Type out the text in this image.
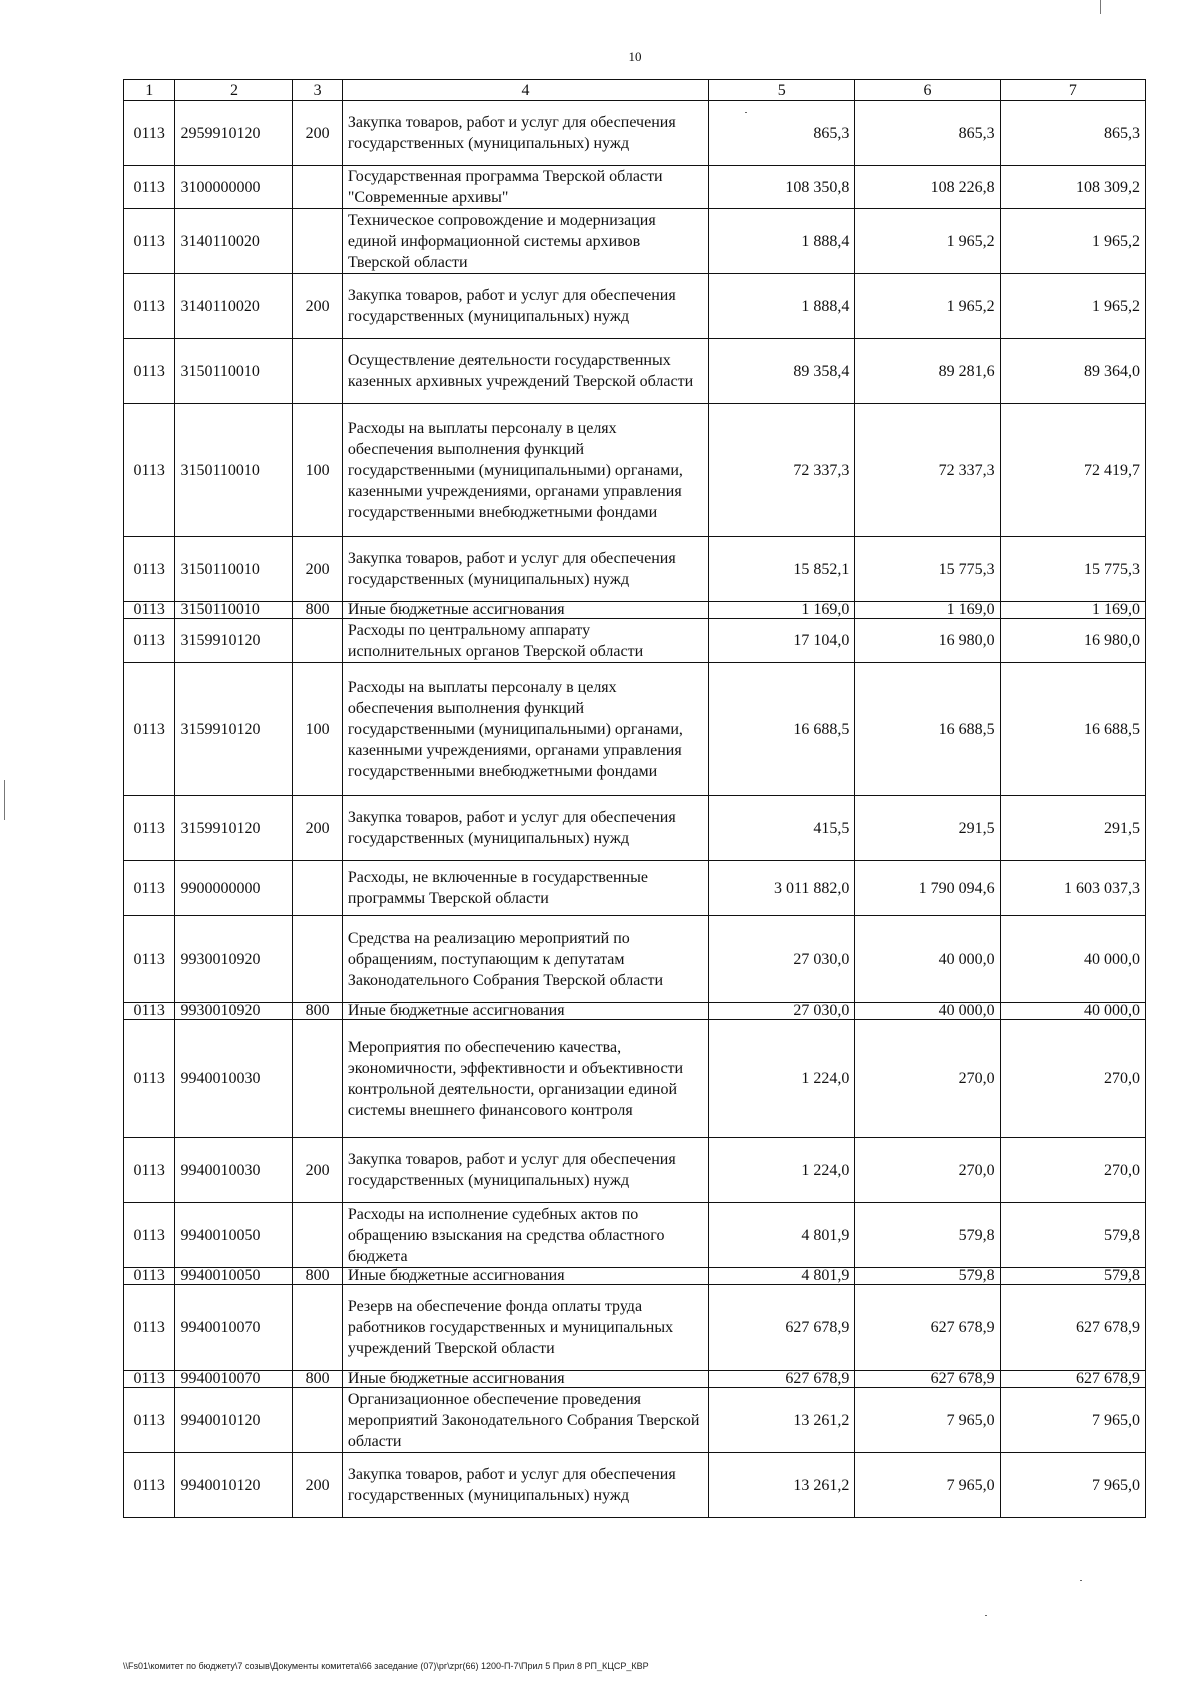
10
1	2	3	4	5	6	7
0113	2959910120	200	Закупка товаров, работ и услуг для обеспечения государственных (муниципальных) нужд	865,3	865,3	865,3
0113	3100000000		Государственная программа Тверской области "Современные архивы"	108 350,8	108 226,8	108 309,2
0113	3140110020		Техническое сопровождение и модернизация единой информационной системы архивов Тверской области	1 888,4	1 965,2	1 965,2
0113	3140110020	200	Закупка товаров, работ и услуг для обеспечения государственных (муниципальных) нужд	1 888,4	1 965,2	1 965,2
0113	3150110010		Осуществление деятельности государственных казенных архивных учреждений Тверской области	89 358,4	89 281,6	89 364,0
0113	3150110010	100	Расходы на выплаты персоналу в целях обеспечения выполнения функций государственными (муниципальными) органами, казенными учреждениями, органами управления государственными внебюджетными фондами	72 337,3	72 337,3	72 419,7
0113	3150110010	200	Закупка товаров, работ и услуг для обеспечения государственных (муниципальных) нужд	15 852,1	15 775,3	15 775,3
0113	3150110010	800	Иные бюджетные ассигнования	1 169,0	1 169,0	1 169,0
0113	3159910120		Расходы по центральному аппарату исполнительных органов Тверской области	17 104,0	16 980,0	16 980,0
0113	3159910120	100	Расходы на выплаты персоналу в целях обеспечения выполнения функций государственными (муниципальными) органами, казенными учреждениями, органами управления государственными внебюджетными фондами	16 688,5	16 688,5	16 688,5
0113	3159910120	200	Закупка товаров, работ и услуг для обеспечения государственных (муниципальных) нужд	415,5	291,5	291,5
0113	9900000000		Расходы, не включенные в государственные программы Тверской области	3 011 882,0	1 790 094,6	1 603 037,3
0113	9930010920		Средства на реализацию мероприятий по обращениям, поступающим к депутатам Законодательного Собрания Тверской области	27 030,0	40 000,0	40 000,0
0113	9930010920	800	Иные бюджетные ассигнования	27 030,0	40 000,0	40 000,0
0113	9940010030		Мероприятия по обеспечению качества, экономичности, эффективности и объективности контрольной деятельности, организации единой системы внешнего финансового контроля	1 224,0	270,0	270,0
0113	9940010030	200	Закупка товаров, работ и услуг для обеспечения государственных (муниципальных) нужд	1 224,0	270,0	270,0
0113	9940010050		Расходы на исполнение судебных актов по обращению взыскания на средства областного бюджета	4 801,9	579,8	579,8
0113	9940010050	800	Иные бюджетные ассигнования	4 801,9	579,8	579,8
0113	9940010070		Резерв на обеспечение фонда оплаты труда работников государственных и муниципальных учреждений Тверской области	627 678,9	627 678,9	627 678,9
0113	9940010070	800	Иные бюджетные ассигнования	627 678,9	627 678,9	627 678,9
0113	9940010120		Организационное обеспечение проведения мероприятий Законодательного Собрания Тверской области	13 261,2	7 965,0	7 965,0
0113	9940010120	200	Закупка товаров, работ и услуг для обеспечения государственных (муниципальных) нужд	13 261,2	7 965,0	7 965,0
\\Fs01\комитет по бюджету\7 созыв\Документы комитета\66 заседание (07)\рг\zрг(66) 1200-П-7\Прил 5 Прил 8 РП_КЦСР_КВР
